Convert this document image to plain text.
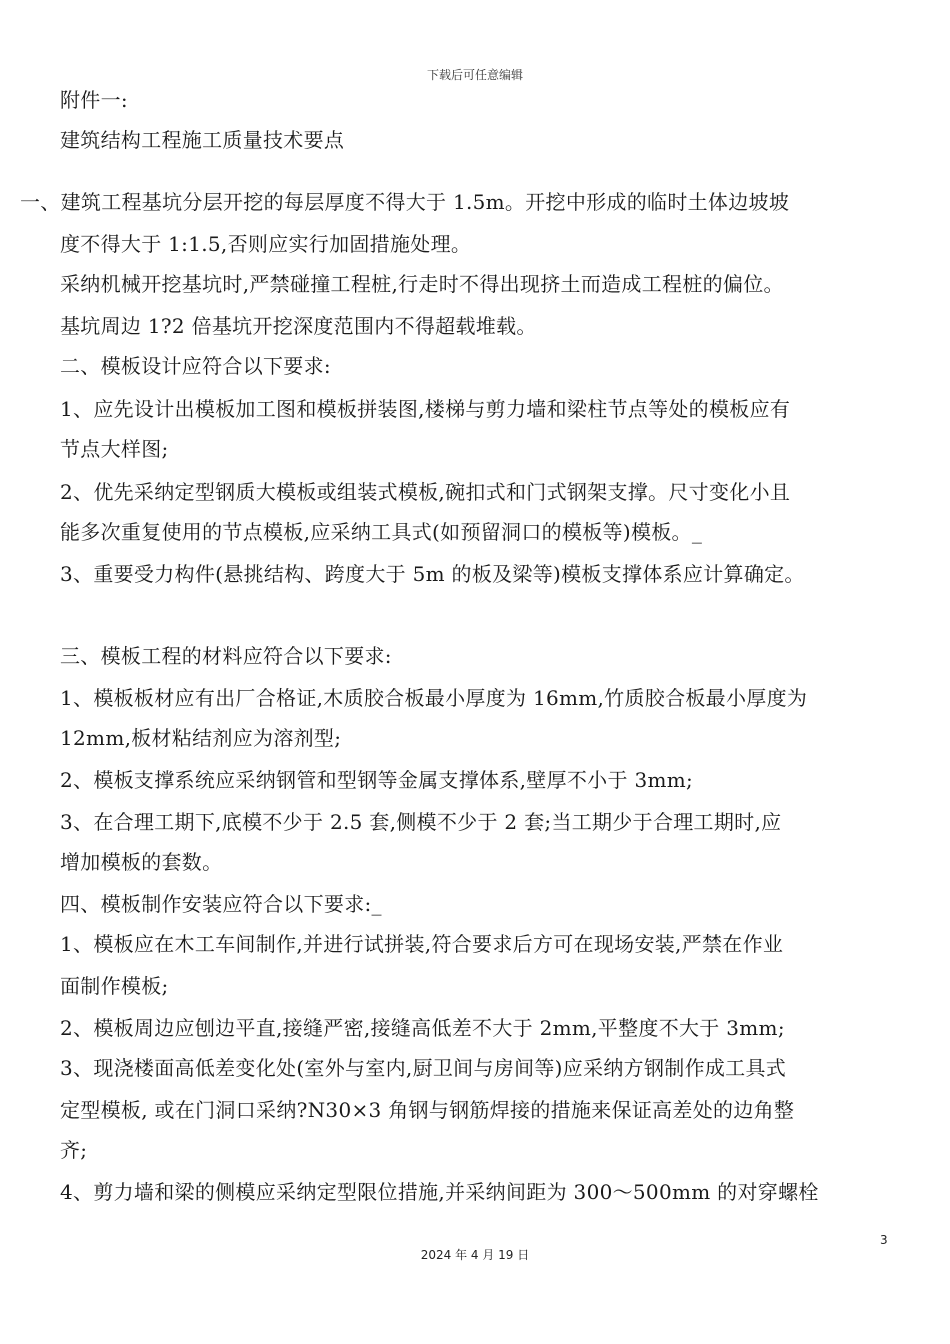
下载后可任意编辑
附件一:
建筑结构工程施工质量技术要点
一、建筑工程基坑分层开挖的每层厚度不得大于 1.5m。开挖中形成的临时土体边坡坡
度不得大于 1:1.5,否则应实行加固措施处理。
采纳机械开挖基坑时,严禁碰撞工程桩,行走时不得出现挤土而造成工程桩的偏位。
基坑周边 1?2 倍基坑开挖深度范围内不得超载堆载。
二、模板设计应符合以下要求:
1、应先设计出模板加工图和模板拼装图,楼梯与剪力墙和梁柱节点等处的模板应有
节点大样图;
2、优先采纳定型钢质大模板或组装式模板,碗扣式和门式钢架支撑。尺寸变化小且
能多次重复使用的节点模板,应采纳工具式(如预留洞口的模板等)模板。_
3、重要受力构件(悬挑结构、跨度大于 5m 的板及梁等)模板支撑体系应计算确定。
三、模板工程的材料应符合以下要求:
1、模板板材应有出厂合格证,木质胶合板最小厚度为 16mm,竹质胶合板最小厚度为
12mm,板材粘结剂应为溶剂型;
2、模板支撑系统应采纳钢管和型钢等金属支撑体系,壁厚不小于 3mm;
3、在合理工期下,底模不少于 2.5 套,侧模不少于 2 套;当工期少于合理工期时,应
增加模板的套数。
四、模板制作安装应符合以下要求:_
1、模板应在木工车间制作,并进行试拼装,符合要求后方可在现场安装,严禁在作业
面制作模板;
2、模板周边应刨边平直,接缝严密,接缝高低差不大于 2mm,平整度不大于 3mm;
3、现浇楼面高低差变化处(室外与室内,厨卫间与房间等)应采纳方钢制作成工具式
定型模板, 或在门洞口采纳?N30×3 角钢与钢筋焊接的措施来保证高差处的边角整
齐;
4、剪力墙和梁的侧模应采纳定型限位措施,并采纳间距为 300～500mm 的对穿螺栓
3
2024 年 4 月 19 日
